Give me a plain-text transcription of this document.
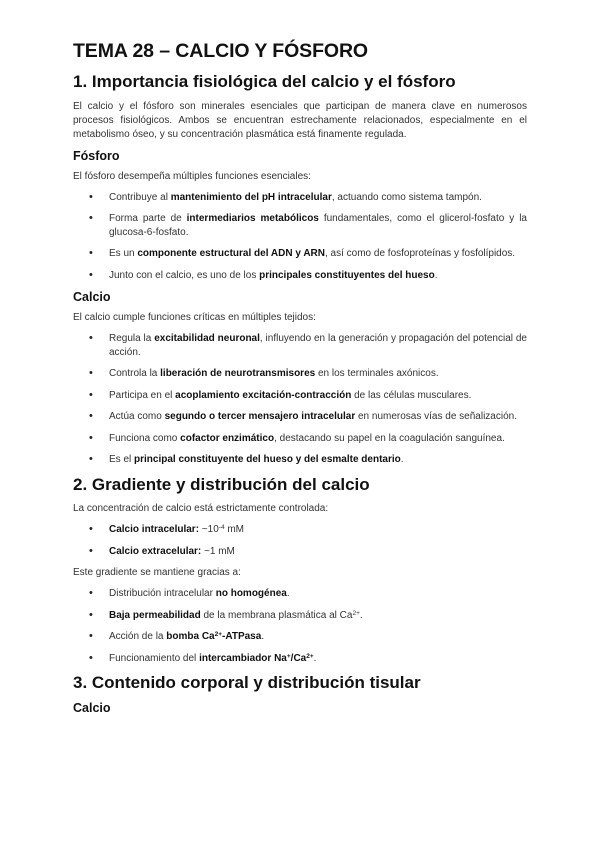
TEMA 28 – CALCIO Y FÓSFORO
1. Importancia fisiológica del calcio y el fósforo

El calcio y el fósforo son minerales esenciales que participan de manera clave en numerosos procesos fisiológicos. Ambos se encuentran estrechamente relacionados, especialmente en el metabolismo óseo, y su concentración plasmática está finamente regulada.

Fósforo

El fósforo desempeña múltiples funciones esenciales:

• Contribuye al mantenimiento del pH intracelular, actuando como sistema tampón.
• Forma parte de intermediarios metabólicos fundamentales, como el glicerol-fosfato y la glucosa-6-fosfato.
• Es un componente estructural del ADN y ARN, así como de fosfoproteínas y fosfolípidos.
• Junto con el calcio, es uno de los principales constituyentes del hueso.
Calcio

El calcio cumple funciones críticas en múltiples tejidos:

• Regula la excitabilidad neuronal, influyendo en la generación y propagación del potencial de acción.
• Controla la liberación de neurotransmisores en los terminales axónicos.
• Participa en el acoplamiento excitación-contracción de las células musculares.
• Actúa como segundo o tercer mensajero intracelular en numerosas vías de señalización.
• Funciona como cofactor enzimático, destacando su papel en la coagulación sanguínea.
• Es el principal constituyente del hueso y del esmalte dentario.
2. Gradiente y distribución del calcio

La concentración de calcio está estrictamente controlada:

• Calcio intracelular: $\sim 10^{-4}$ mM
• Calcio extracelular: ~1 mM

Este gradiente se mantiene gracias a:

• Distribución intracelular no homogénea.
• Baja permeabilidad de la membrana plasmática al $Ca^{2+}$.
• Acción de la bomba $Ca^{2+}$-ATPasa.
• Funcionamiento del intercambiador $Na^+/Ca^{2+}$.
3. Contenido corporal y distribución tisular
Calcio
